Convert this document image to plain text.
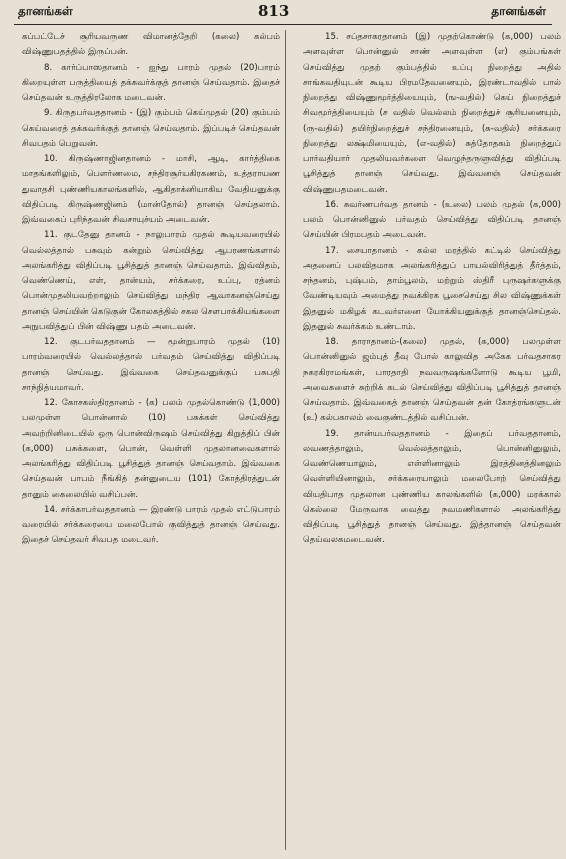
தானங்கள்	813	தானங்கள்

கப்பட்டேச் சூரியவருண விமானத்தேறி (கலை) கல்பம் விஷ்ணுபதத்தில் இருப்பன்.

8. கார்ப்பாஸதானம் - ஐந்து பாரம் முதல் (20)பாரம் கிறையுள்ள பருத்தியைத் தக்கவர்க்குத் தானஞ் செய்வதாம். இதைச் செய்தவன் உருத்திரலோக மடைவன்.

9. கிருதபர்வததானம் - (இ) கும்பம் கெய்முதல் (20) கும்பம் கெய்வரைத் தக்கவர்க்குத் தானஞ் செய்வதாம். இப்படிச் செய்தவன் சிவபதம் பெறுவன்.

10. கிருஷ்ணாஜினதானம் - மாசி, ஆடி, கார்த்திகை மாதங்களிலும், பௌர்ணமை, சந்திரசூர்யகிரகணம், உத்தராயண துவாதசி புண்ணியகாலங்களில், ஆகிதாக்னியாகிய வேதியனுக்கு விதிப்படி கிருஷ்ணஜினம் (மான்தோல்) தானஞ் செய்தலாம். இவ்வகைப் புரிந்தவன் சிவசாயுச்யம் அடைவன்.

11. குடதேனு தானம் - நாலுபாரம் முதல் கூடியவரையில் வெல்லத்தால் பசுவும் கன்றும் செய்வித்து ஆபரணங்களால் அலங்கரித்து விதிப்படி பூசித்துத் தானஞ் செய்வதாம். இவ்விதம், வெண்ணெய், எள், தான்யம், சர்க்கரை, உப்பு, ரத்னம் பொன்முதலியவற்றாலும் செய்வித்து மந்திர ஆவாகனஞ்செய்து தானஞ் செய்யின் கெடுகுன் கோலகத்தில் சகல சௌபாக்கியங்களை அநுபவித்துப் பின் விஷ்ணு பதம் அடைவன்.

12. குடபர்வததானம் — மூன்றுபாரம் முதல் (10) பாரம்வரையில் வெல்லத்தால் பர்வதம் செய்வித்து விதிப்படி தானஞ் செய்வது. இவ்வகை செய்தவனுக்குப் பசுபதி சாந்நித்யமாவர்.

12. கோசகஸ்திரதானம் - (க) பலம் முதல்கொண்டு (1,000) பலமுள்ள பொன்னால் (10) பசுக்கள் செய்வித்து அவற்றினிடையில் ஒரு பொன்விருஷம் செய்வித்து கிறுத்திப் பின் (க,000) பசுக்களை, பொன், வெள்ளி முதலானவைகளால் அலங்கரித்து விதிப்படி பூசித்துத் தானஞ் செய்வதாம். இவ்வகை செய்தவன் பாபம் நீங்கித் தன்னுடைய (101) கோத்திரத்துடன் தானும் கைலையில் வசிப்பன்.

14. சர்க்காபர்வததானம் — இரண்டு பாரம் முதல் எட்டுபாரம் வரையில் சர்க்கரையை மலைபோல் குவித்துத் தானஞ் செய்வது. இதைச் செய்தவர் சிவபத மடைவர்.

15. சப்தசாகரதானம் (இ) முதற்கொண்டு (க,000) பலம் அளவுள்ள பொன்னுல் சாண் அளவுள்ள (எ) கும்பங்கள் செய்வித்து முதற் கும்பத்தில் உப்பு நிறைத்து அதில் சாங்கவதியுடன் கூடிய பிரமதேவனையும், இரண்டாவதில் பால் நிறைத்து விஷ்ணுமூர்த்தியையும், (ங-வதில்) கெய் நிறைத்துச் சிவமூர்த்தியையும் (ச வதில் வெல்லம் நிறைத்துச் சூரியனையும், (ரு-வதில்) தயிர்நிறைத்துச் சந்திரனையும், (சு-வதில்) சர்க்கரை நிறைத்து லக்ஷ்மியையும், (எ-வதில்) சுத்தோதகம் நிறைத்துப் பார்வதியார் முதலியவர்களை வெழுந்தருளுவித்து விதிப்படி பூசித்துத் தானஞ் செய்வது. இவ்வனஞ் செய்தவன் விஷ்ணுபதமடைவன்.

16. சுவர்ணபர்வத தானம் - (உலை) பலம் முதல் (க,000) பலம் பொன்னினுல் பர்வதம் செய்வித்து விதிப்படி தானஞ் செய்யின் பிரமபதம் அடைவன்.

17. சையாதானம் - கல்ல மரத்தில் கட்டில் செய்வித்து அதனைப் பலவிதமாக அலங்கரித்துப் பாயல்விரித்துத் தீர்த்தம், சந்தனம், புஷ்பம், தாம்பூலம், மற்றும் ஸ்திரீ புருஷர்களுக்கு வேண்டியவும் அமைத்து நவக்கிரக பூசைசெய்து சில விஷ்ணுக்கள் இதனுல் மகிழக் கடவர்எனை யோக்கியனுக்குத் தானஞ்செய்தல். இதனுல் சுவர்க்கம் உண்டாம்.

18. தாராதானம்-(கலை) முதல், (க,000) பலமுள்ள பொன்னினுல் ஜம்புத் தீவு போல் காலுவித அகேக பர்வதசாகர நகரகிராமங்கள், பாரதாதி நவவருஷங்களோடு கூடிய பூமி, அவைகளைச் சுற்றிக் கடல் செய்வித்து விதிப்படி பூசித்துத் தானஞ் செய்வதாம். இவ்வகைத் தானஞ் செய்தவன் தன் கோத்ரங்களுடன் (உ) கல்பகாலம் வைகுண்டத்தில் வசிப்பன்.

19. தான்யபர்வததானம் - இதைப் பர்வததானம், லவணத்தாலும், வெல்லத்தாலும், பொன்னினுலும், வெண்ணெயாலும், எள்ளினாலும் இரத்தினத்தினலும் வெள்ளியினாலும், சர்க்கரையாலும் மலைபோற் செய்வித்து வியதிபாத முதலான புண்ணிய காலங்களில் (க,000) மரக்கால் கெல்லை மேருவாக வைத்து நவமணிகளால் அலங்கரித்து விதிப்படி பூசித்துத் தானஞ் செய்வது. இத்தானஞ் செய்தவன் தெய்வலகமடைவன்.
